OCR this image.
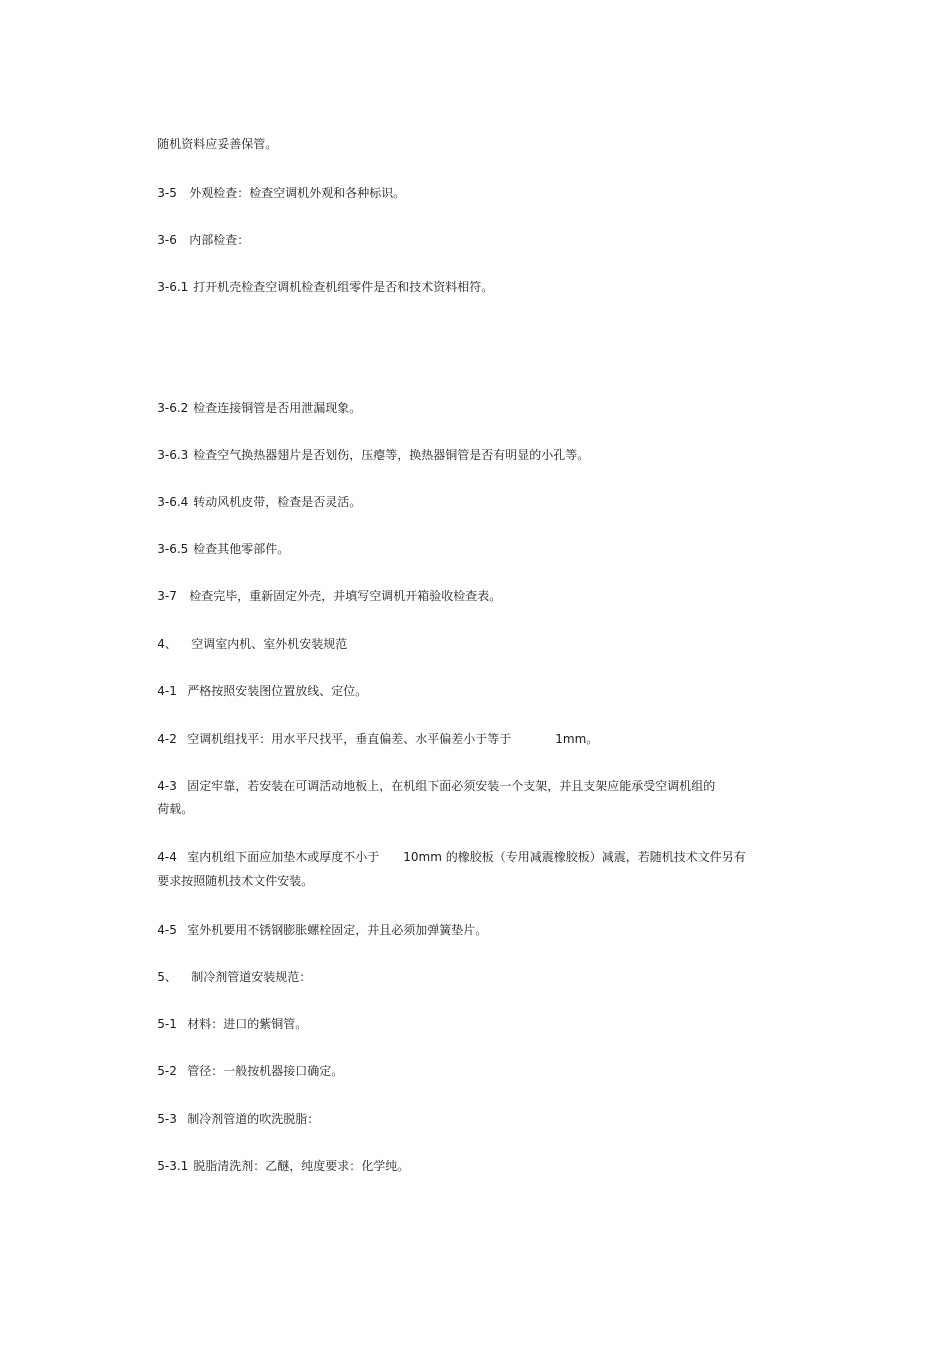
随机资料应妥善保管。

3-5 外观检查：检查空调机外观和各种标识。

3-6 内部检查：

3-6.1 打开机壳检查空调机检查机组零件是否和技术资料相符。

3-6.2 检查连接铜管是否用泄漏现象。

3-6.3 检查空气换热器翅片是否划伤，压瘪等，换热器铜管是否有明显的小孔等。

3-6.4 转动风机皮带，检查是否灵活。

3-6.5 检查其他零部件。

3-7 检查完毕，重新固定外壳，并填写空调机开箱验收检查表。

4、 空调室内机、室外机安装规范

4-1 严格按照安装图位置放线、定位。

4-2 空调机组找平：用水平尺找平，垂直偏差、水平偏差小于等于	1mm。

4-3 固定牢靠，若安装在可调活动地板上，在机组下面必须安装一个支架，并且支架应能承受空调机组的

荷载。

4-4 室内机组下面应加垫木或厚度不小于 10mm 的橡胶板（专用减震橡胶板）减震，若随机技术文件另有

要求按照随机技术文件安装。

4-5 室外机要用不锈钢膨胀螺栓固定，并且必须加弹簧垫片。

5、 制冷剂管道安装规范：

5-1 材料：进口的紫铜管。

5-2 管径：一般按机器接口确定。

5-3 制冷剂管道的吹洗脱脂：

5-3.1 脱脂清洗剂：乙醚，纯度要求：化学纯。
